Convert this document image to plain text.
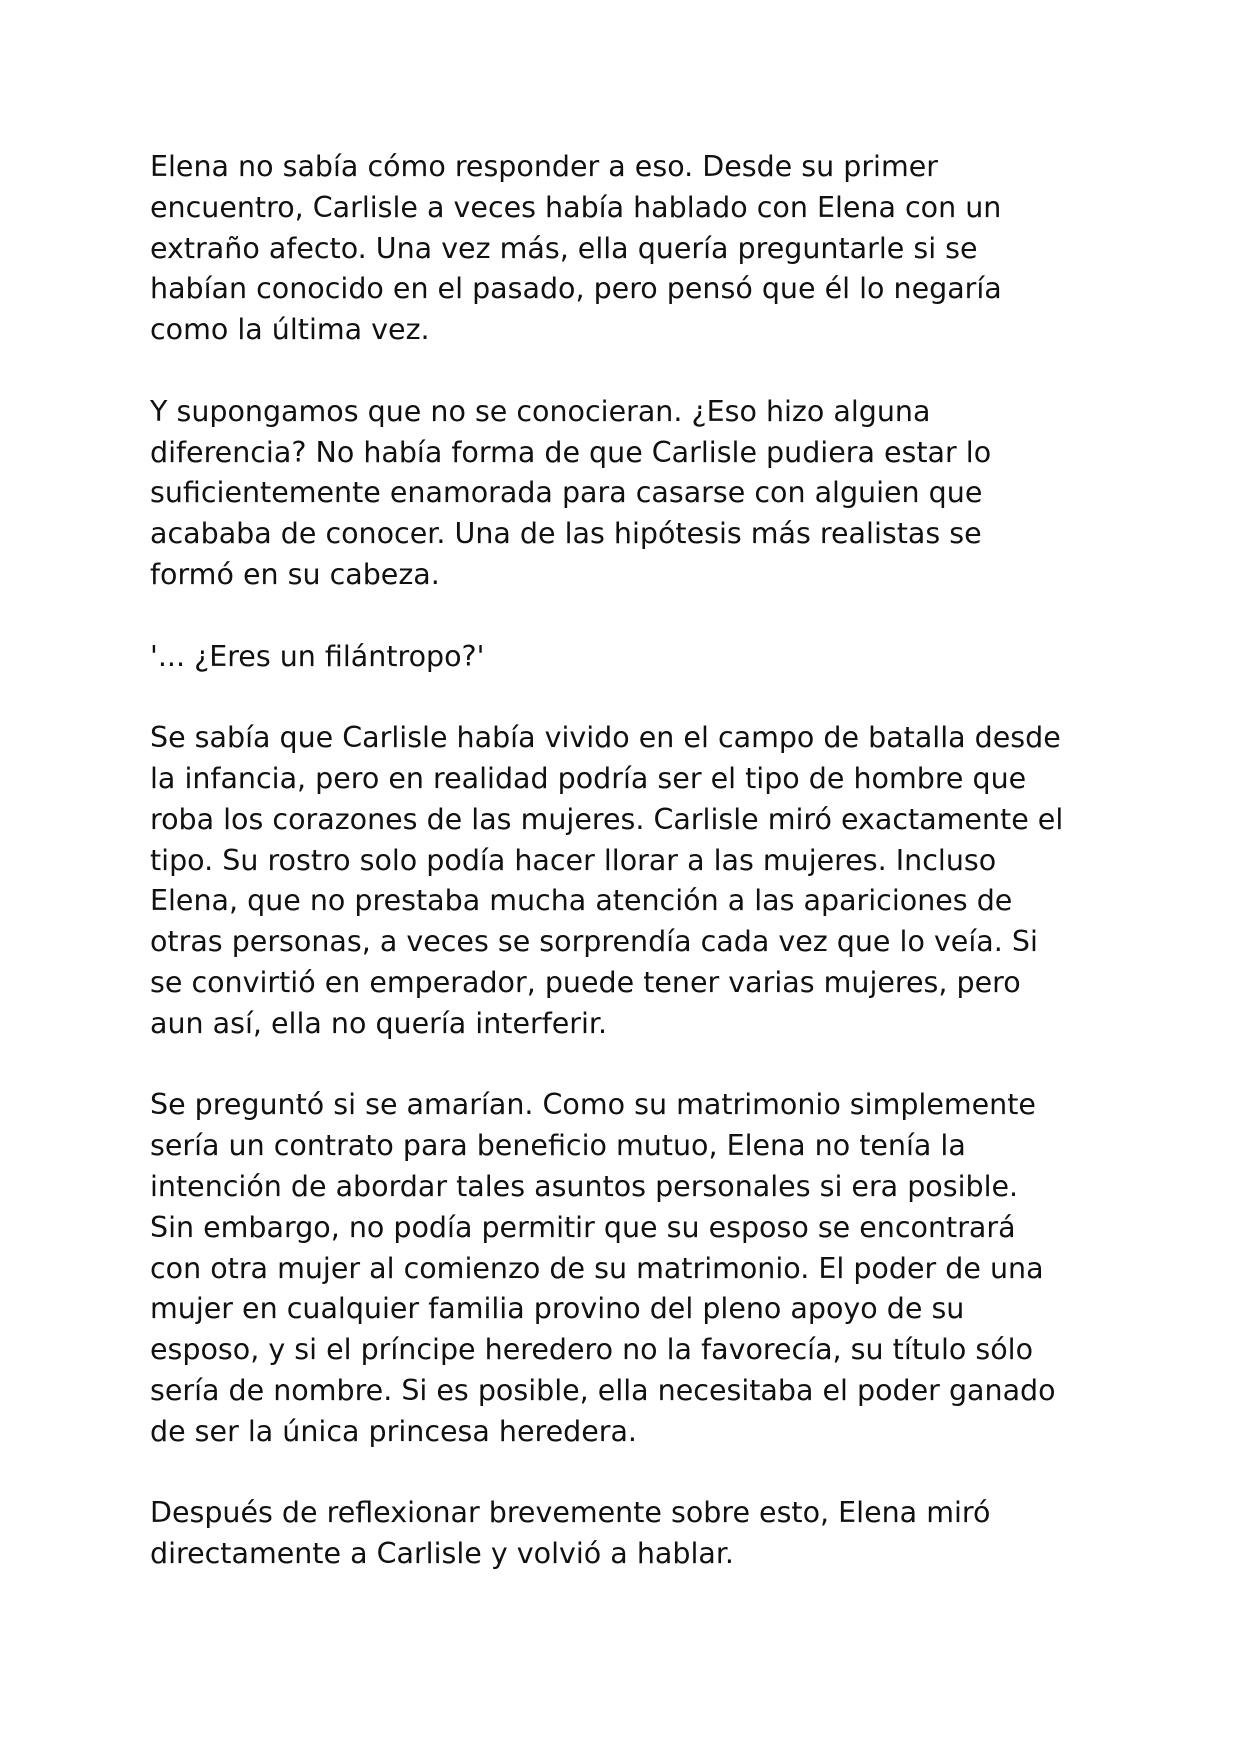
Elena no sabía cómo responder a eso. Desde su primer
encuentro, Carlisle a veces había hablado con Elena con un
extraño afecto. Una vez más, ella quería preguntarle si se
habían conocido en el pasado, pero pensó que él lo negaría
como la última vez.

Y supongamos que no se conocieran. ¿Eso hizo alguna
diferencia? No había forma de que Carlisle pudiera estar lo
suficientemente enamorada para casarse con alguien que
acababa de conocer. Una de las hipótesis más realistas se
formó en su cabeza.

'... ¿Eres un filántropo?'

Se sabía que Carlisle había vivido en el campo de batalla desde
la infancia, pero en realidad podría ser el tipo de hombre que
roba los corazones de las mujeres. Carlisle miró exactamente el
tipo. Su rostro solo podía hacer llorar a las mujeres. Incluso
Elena, que no prestaba mucha atención a las apariciones de
otras personas, a veces se sorprendía cada vez que lo veía. Si
se convirtió en emperador, puede tener varias mujeres, pero
aun así, ella no quería interferir.

Se preguntó si se amarían. Como su matrimonio simplemente
sería un contrato para beneficio mutuo, Elena no tenía la
intención de abordar tales asuntos personales si era posible.
Sin embargo, no podía permitir que su esposo se encontrará
con otra mujer al comienzo de su matrimonio. El poder de una
mujer en cualquier familia provino del pleno apoyo de su
esposo, y si el príncipe heredero no la favorecía, su título sólo
sería de nombre. Si es posible, ella necesitaba el poder ganado
de ser la única princesa heredera.

Después de reflexionar brevemente sobre esto, Elena miró
directamente a Carlisle y volvió a hablar.
